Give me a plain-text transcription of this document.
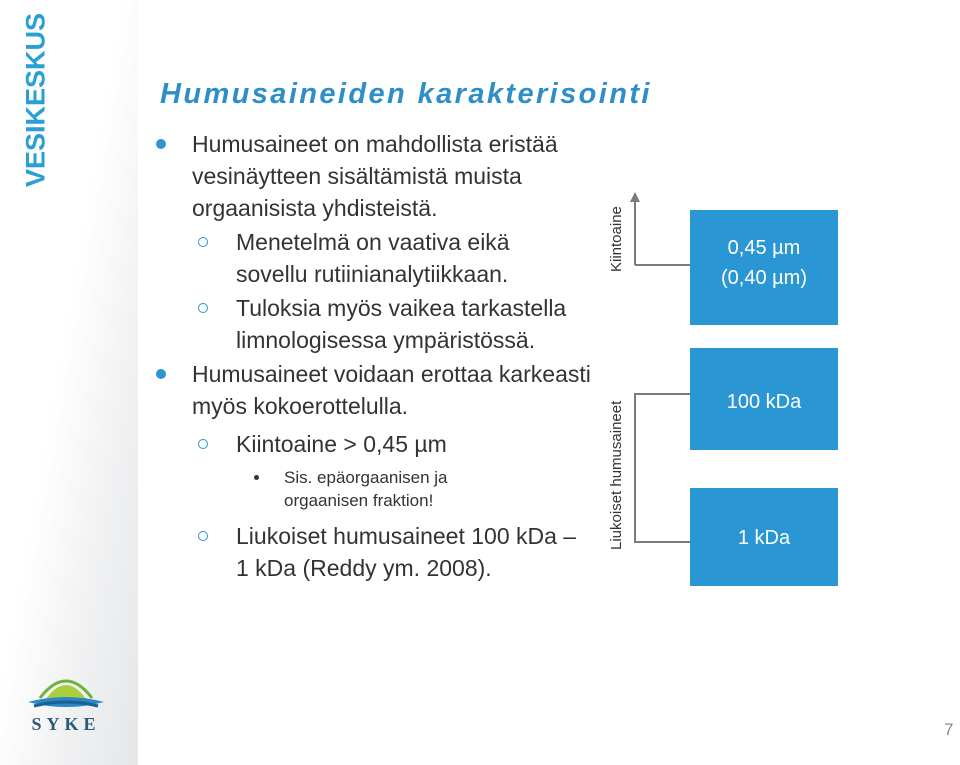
VESIKESKUS
SYKE
Humusaineiden karakterisointi
Humusaineet on mahdollista eristää vesinäytteen sisältämistä muista orgaanisista yhdisteistä.
Menetelmä on vaativa eikä sovellu rutiinianalytiikkaan.
Tuloksia myös vaikea tarkastella limnologisessa ympäristössä.
Humusaineet voidaan erottaa karkeasti myös kokoerottelulla.
Kiintoaine > 0,45 µm
Sis. epäorgaanisen ja orgaanisen fraktion!
Liukoiset humusaineet 100 kDa – 1 kDa (Reddy ym. 2008).
Kiintoaine
Liukoiset humusaineet
0,45 µm
(0,40 µm)
100 kDa
1 kDa
7
